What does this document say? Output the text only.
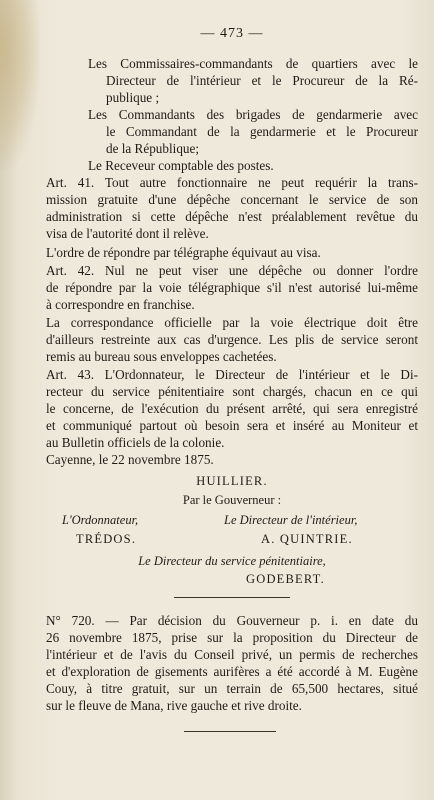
— 473 —
Les Commissaires-commandants de quartiers avec le
Directeur de l'intérieur et le Procureur de la Ré-
publique ;
Les Commandants des brigades de gendarmerie avec
le Commandant de la gendarmerie et le Procureur
de la République;
Le Receveur comptable des postes.
Art. 41. Tout autre fonctionnaire ne peut requérir la trans-
mission gratuite d'une dépêche concernant le service de son
administration si cette dépêche n'est préalablement revêtue du
visa de l'autorité dont il relève.
L'ordre de répondre par télégraphe équivaut au visa.
Art. 42. Nul ne peut viser une dépêche ou donner l'ordre
de répondre par la voie télégraphique s'il n'est autorisé lui-même
à correspondre en franchise.
La correspondance officielle par la voie électrique doit être
d'ailleurs restreinte aux cas d'urgence. Les plis de service seront
remis au bureau sous enveloppes cachetées.
Art. 43. L'Ordonnateur, le Directeur de l'intérieur et le Di-
recteur du service pénitentiaire sont chargés, chacun en ce qui
le concerne, de l'exécution du présent arrêté, qui sera enregistré
et communiqué partout où besoin sera et inséré au Moniteur et
au Bulletin officiels de la colonie.
Cayenne, le 22 novembre 1875.
HUILLIER.
Par le Gouverneur :
L'Ordonnateur,	Le Directeur de l'intérieur,
TRÉDOS.	A. QUINTRIE.
Le Directeur du service pénitentiaire,
GODEBERT.
N° 720. — Par décision du Gouverneur p. i. en date du
26 novembre 1875, prise sur la proposition du Directeur de
l'intérieur et de l'avis du Conseil privé, un permis de recherches
et d'exploration de gisements aurifères a été accordé à M. Eugène
Couy, à titre gratuit, sur un terrain de 65,500 hectares, situé
sur le fleuve de Mana, rive gauche et rive droite.
